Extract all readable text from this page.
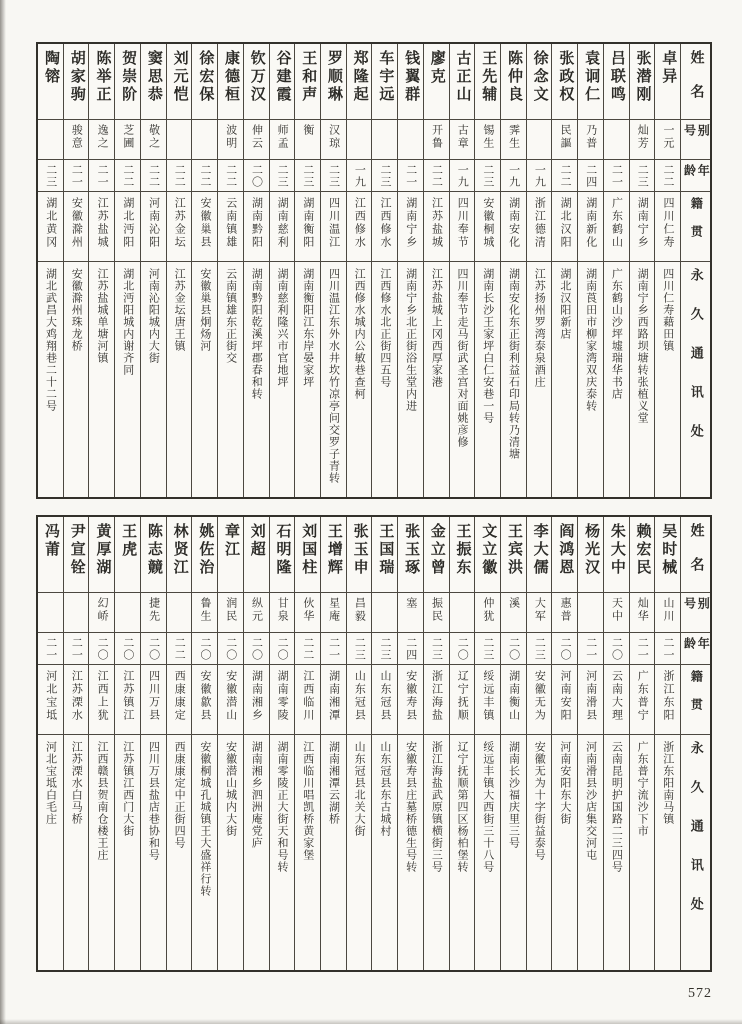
姓名
别号
年龄
籍贯
永久通讯处
卓异
一元
二二
四川仁寿
四川仁寿藉田镇
张潜刚
灿芳
二三
湖南宁乡
湖南宁乡西路坝塘转张植义堂
吕联鸣
二一
广东鹤山
广东鹤山沙坪墟瑞华书店
袁诇仁
乃普
二四
湖南新化
湖南莨田市柳家湾双庆泰转
张政权
民謳
二二
湖北汉阳
湖北汉阳新店
徐念文
一九
浙江德清
江苏扬州罗湾泰泉酒庄
陈仲良
霁生
一九
湖南安化
湖南安化东正街利益石印局转乃清塘
王先辅
锡生
二三
安徽桐城
湖南长沙王家坪白仁安巷一号
古正山
古章
一九
四川奉节
四川奉节走马街武圣宫对面姚彦修
廖克
开鲁
二二
江苏盐城
江苏盐城上冈西厚家港
钱翼群
二一
湖南宁乡
湖南宁乡北正街浴生堂内进
车宇远
二三
江西修水
江西修水北正街四五号
郑隆起
一九
江西修水
江西修水城内公敏巷查柯
罗顺琳
汉琼
二三
四川温江
四川温江东外水井坎竹凉亭问交罗子青转
王和声
衡
二三
湖南衡阳
湖南衡阳江东岸晏家坪
谷建霞
师孟
二三
湖南慈利
湖南慈利隆兴市官地坪
钦万汉
伸云
二〇
湖南黔阳
湖南黔阳乾溪坪郡春和转
康德桓
波明
二二
云南镇雄
云南镇雄东正街交
徐宏保
二二
安徽巢县
安徽巢县炯炀河
刘元恺
二二
江苏金坛
江苏金坛唐王镇
窦思恭
敬之
二二
河南沁阳
河南沁阳城内大街
贺崇阶
芝圃
二二
湖北沔阳
湖北沔阳城内谢齐同
陈举正
逸之
二一
江苏盐城
江苏盐城单塘河镇
胡家驹
骏意
二一
安徽滁州
安徽滁州珠龙桥
陶镕
二三
湖北黄冈
湖北武昌大鸡翔巷二十二号
姓名
别号
年龄
籍贯
永久通讯处
吴时械
山川
二一
浙江东阳
浙江东阳南马镇
赖宏民
灿华
二一
广东普宁
广东普宁流沙下市
朱大中
天中
二〇
云南大理
云南昆明护国路二三四号
杨光汉
二一
河南滑县
河南滑县沙店集交河屯
阎鸿恩
惠普
二〇
河南安阳
河南安阳东大街
李大儒
大军
二三
安徽无为
安徽无为十字街益泰号
王宾洪
溪
二〇
湖南衡山
湖南长沙福庆里三号
文立徽
仲犹
二三
绥远丰镇
绥远丰镇大西街三十八号
王振东
二〇
辽宁抚顺
辽宁抚顺第四区杨柏堡转
金立曾
振民
二三
浙江海盐
浙江海盐武原镇横街三号
张玉琢
塞
二四
安徽寿县
安徽寿县庄墓桥德生号转
王国瑞
二三
山东冠县
山东冠县东古城村
张玉申
昌毅
二三
山东冠县
山东冠县北关大街
王增辉
星庵
二一
湖南湘潭
湖南湘潭云湖桥
刘国柱
伙华
二二
江西临川
江西临川唱凯桥黄家堡
石明隆
甘泉
二〇
湖南零陵
湖南零陵正大街天和号转
刘超
纵元
二〇
湖南湘乡
湖南湘乡泗洲庵党庐
章江
润民
二〇
安徽潜山
安徽潜山城内大街
姚佐治
鲁生
二〇
安徽歙县
安徽桐城孔城镇王大盛祥行转
林贤江
二二
西康康定
西康康定中正街四号
陈志竸
捷先
二〇
四川万县
四川万县盐店巷协和号
王虎
二〇
江苏镇江
江苏镇江西门大街
黄厚湖
幻峤
二〇
江西上犹
江西赣县贺南仓楼王庄
尹宣铨
二一
江苏溧水
江苏溧水白马桥
冯莆
二一
河北宝坻
河北宝坻白毛庄
572
